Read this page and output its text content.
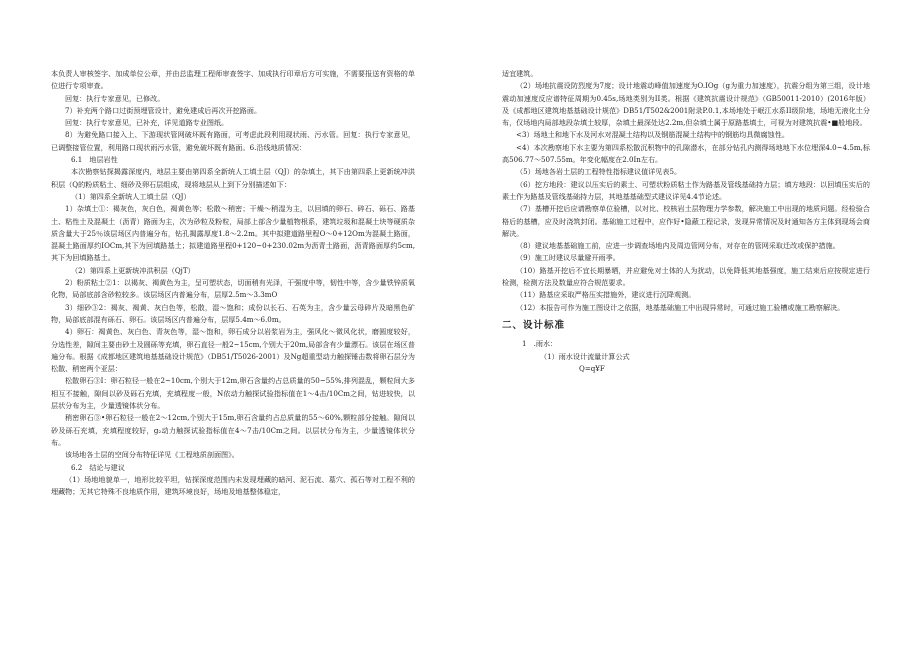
本负责人审核签字、加成单位公章，并由总监理工程师审查签字、加成执行印章后方可实施，不需要报送有资格的单位进行专项审查。

回复：执行专家意见，已修改。

7）补充两个路口过街预埋管设计，避免建成后再次开挖路面。

回复：执行专家意见，已补充，详见道路专业图纸。

8）为避免路口接入上、下游现状管网破坏既有路面，可考虑此段利用现状雨、污水管。回复：执行专家意见，已调整接管位置，利用路口现状雨污水管，避免破坏既有路面。6.沿线地质情况：

6.1　地层岩性

本次勘察钻探揭露深度内，地层主要由第四系全新统人工填土层（QJ）的杂填土，其下由第四系上更新统冲洪积层（Q的粉质粘土、细砂及卵石层组成，现将地层从上到下分别描述如下：

（1）第四系全新统人工填土层（QJ）

1）杂填土①：褐灰色，灰白色，褐黄色等；松散～稍密；干燥～稍湿为主，以回填的卵石、碎石、砾石、路基土、粘性土及混凝土（沥青）路面为主，次为砂粒及粉粒，局部上部含少量植物根系，建筑垃圾和混凝土块等硬质杂质含量大于25％该层场区内普遍分布，钻孔揭露厚度1.8～2.2m。其中拟建道路里程O～0+12Om为混凝土路面，混凝土路面厚约IOCm,其下为回填路基土；拟建道路里程0+120~0+230.02m为沥青土路面，沥青路面厚约5cm,其下为回填路基土。

（2）第四系上更新统冲洪积层（QjT）

2）粉质粘土②1：以褐灰、褐黄色为主，呈可塑状态，切面稍有光泽，干强度中等，韧性中等，含少量铁锌质氧化物，局部底部含砂粒较多。该层场区内普遍分布，层厚2.5m～3.3mO

3）细砂③2：褐灰、褐黄、灰白色等，松散，湿～饱和；成份以长石、石英为主，含少量云母碎片及暗黑色矿物，局部底部混有砾石、卵石。该层场区内普遍分布，层厚5.4m～6.0m。

4）卵石：褐黄色、灰白色、青灰色等，湿～饱和，卵石成分以岩浆岩为主，强风化～微风化状，磨圆度较好，分选性差，隙间主要由砂土及圆砾等充填，卵石直径一般2~15cm,个别大于20m,局部含有少量漂石。该层在场区普遍分布。根据《成都地区建筑地基基础设计规范》（DB51/T5026-2001）及Ng超重型动力触探锤击数将卵石层分为松散、稍密两个亚层：

松散卵石③I：卵石粒径一般在2~10cm,个别大于12m,卵石含量约占总质量的50~55%,排列混乱，颗粒间大多相互不接触，隙间以砂及砾石充填，充填程度一般，N依动力触探试验指标值在1～4击/10Cm之间，钻进较快，以层状分布为主，少量透镜体状分布。

稍密卵石③•卵石粒径一般在2～12cm,个别大于15m,卵石含量约占总质量的55～60%,颗粒部分接触。隙间以砂及砾石充填，充填程度较好，g₂动力触探试验指标值在4～7击/10Cm之间。以层状分布为主，少量透镜体状分布。

该场地各土层的空间分布特征详见《工程地质剖面图》。

6.2　结论与建议

（1）场地地貌单一，地形比较平坦，钻探深度范围内未发现埋藏的暗河、泥石流、墓穴、孤石等对工程不利的埋藏物；无其它特殊不良地质作用，建筑环境良好，场地及地基整体稳定，

适宜建筑。

（2）场地抗震设防烈度为7度；设计地震动峰值加速度为O.IOg（g为重力加速度），抗震分组为第三组，设计地震动加速度反应谱特征周期为0.45s,场地类别为II类。根据《建筑抗震设计规范》（GB50011-2010）(2016年版）及《成都地区建筑地基基础设计规范》DB51/T502&2001附录P.0.1,本场地处于岷江水系II级阶地，场地无液化土分布，仅场地内局部地段杂填土较厚，杂填土最深处达2.2m,但杂填土属于原路基填土，可视为对建筑抗震•■般地段。

<3）场地土和地下水及河水对混凝土结构以及钢筋混凝土结构中的钢筋均具微腐蚀性。

<4）本次勘察地下水主要为第四系松散沉积物中的孔隙潜水，在部分钻孔内测得场地地下水位埋深4.0~4.5m,标高506.77～507.55m。年变化幅度在2.0In左右。

（5）场地各岩土层的工程特性指标建议值详见表5。

（6）挖方地段：建议以压实后的素土、可塑状粉质粘土作为路基及管线基础持力层；填方地段：以回填压实后的素土作为路基及管线基础持力层，其地基基础型式建议详见4.4节论述。

（7）基槽开挖后应请勘察单位验槽，以对比、校核岩土层物理力学参数，解决施工中出现的地质问题。经检验合格后的基槽，应及时浇筑封闭。基础施工过程中，应作好•隐蔽工程记录，发现异常情况及时通知各方主体到现场会商解决。

（8）建议地基基础施工前，应进一步调查场地内及周边管网分布，对存在的管网采取迁改或保护措施。

（9）施工时建议尽量避开雨季。

（10）路基开挖后不宜长期暴晒，并应避免对土体的人为扰动，以免降低其地基强度，施工结束后应按规定进行检测，检测方法及数量应符合规范要求。

（11）路基应采取严格压实措施外，建议进行沉降观测。

（12）本报告可作为施工图设计之依据，地基基础施工中出现异常时，可通过施工验槽或施工勘察解决。

二、设计标准

1　.雨水：

（1）雨水设计流量计算公式

Q=q¥F
